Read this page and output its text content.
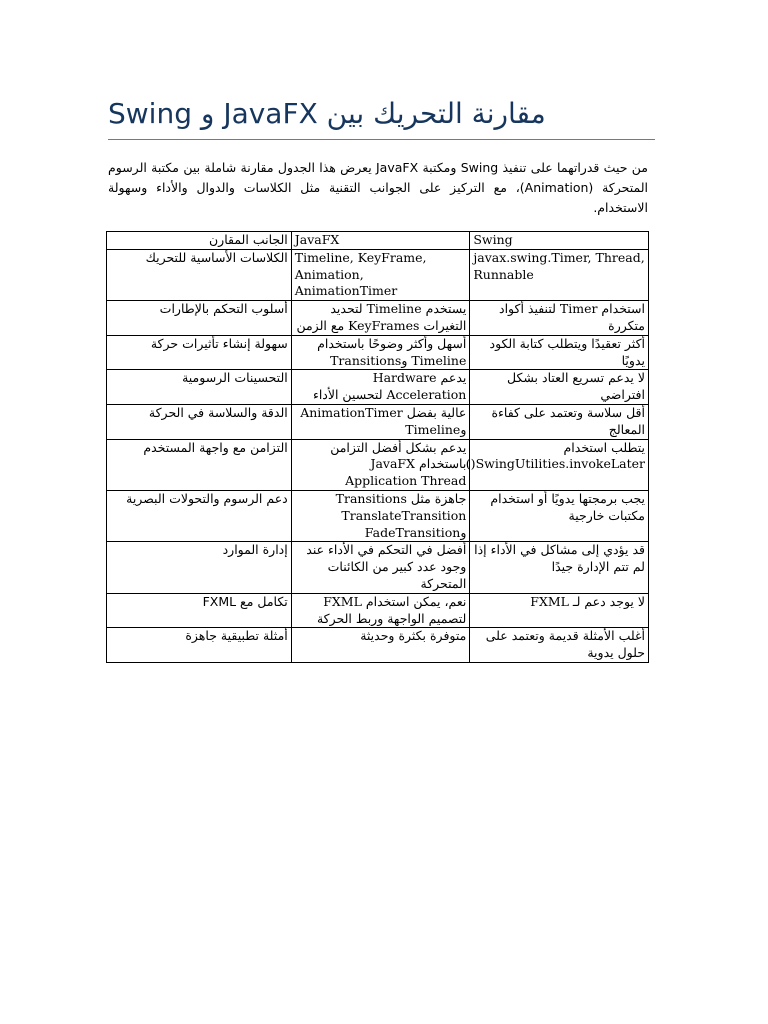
مقارنة التحريك بين JavaFX و Swing

من حيث قدراتهما على تنفيذ Swing ومكتبة JavaFX يعرض هذا الجدول مقارنة شاملة بين مكتبة الرسوم المتحركة (Animation)، مع التركيز على الجوانب التقنية مثل الكلاسات والدوال والأداء وسهولة الاستخدام.

الجانب المقارن	JavaFX	Swing
الكلاسات الأساسية للتحريك	Timeline, KeyFrame, Animation, AnimationTimer	javax.swing.Timer, Thread, Runnable
أسلوب التحكم بالإطارات	يستخدم Timeline لتحديد التغيرات KeyFrames مع الزمن	استخدام Timer لتنفيذ أكواد متكررة
سهولة إنشاء تأثيرات حركة	أسهل وأكثر وضوحًا باستخدام Timeline وTransitions	أكثر تعقيدًا ويتطلب كتابة الكود يدويًا
التحسينات الرسومية	يدعم Hardware Acceleration لتحسين الأداء	لا يدعم تسريع العتاد بشكل افتراضي
الدقة والسلاسة في الحركة	عالية بفضل AnimationTimer وTimeline	أقل سلاسة وتعتمد على كفاءة المعالج
التزامن مع واجهة المستخدم	يدعم بشكل أفضل التزامن باستخدام JavaFX Application Thread	يتطلب استخدام SwingUtilities.invokeLater()
دعم الرسوم والتحولات البصرية	جاهزة مثل Transitions TranslateTransition وFadeTransition	يجب برمجتها يدويًا أو استخدام مكتبات خارجية
إدارة الموارد	أفضل في التحكم في الأداء عند وجود عدد كبير من الكائنات المتحركة	قد يؤدي إلى مشاكل في الأداء إذا لم تتم الإدارة جيدًا
تكامل مع FXML	نعم، يمكن استخدام FXML لتصميم الواجهة وربط الحركة	لا يوجد دعم لـ FXML
أمثلة تطبيقية جاهزة	متوفرة بكثرة وحديثة	أغلب الأمثلة قديمة وتعتمد على حلول يدوية
